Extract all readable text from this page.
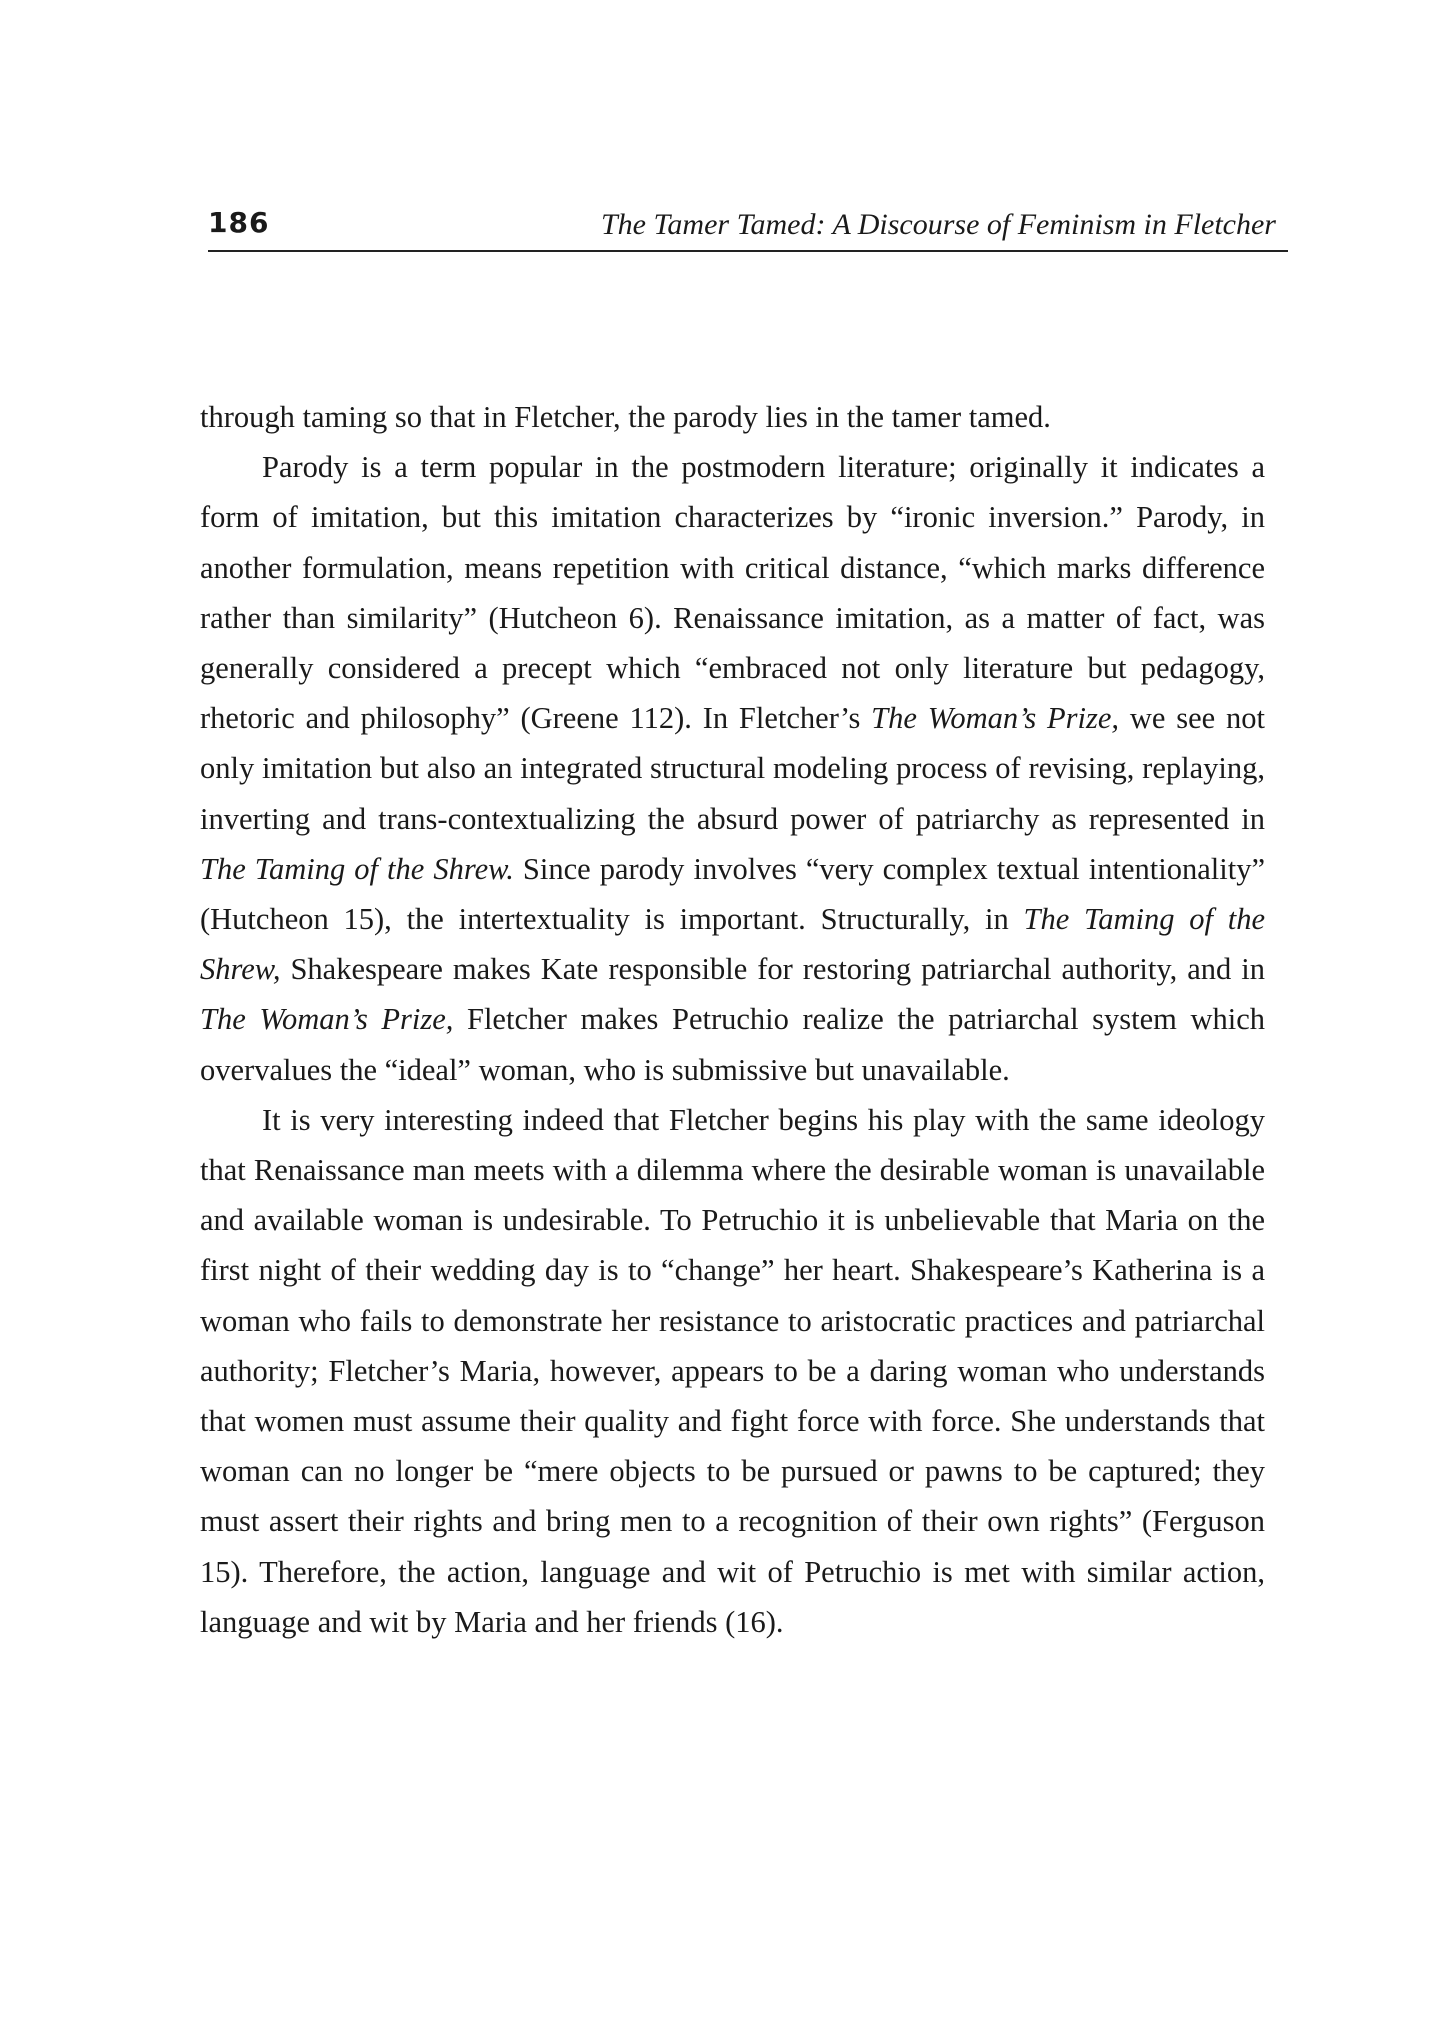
186	The Tamer Tamed: A Discourse of Feminism in Fletcher

through taming so that in Fletcher, the parody lies in the tamer tamed.

Parody is a term popular in the postmodern literature; originally it indicates a form of imitation, but this imitation characterizes by “ironic inversion.” Parody, in another formulation, means repetition with critical distance, “which marks difference rather than similarity” (Hutcheon 6). Renaissance imitation, as a matter of fact, was generally considered a precept which “embraced not only literature but pedagogy, rhetoric and philosophy” (Greene 112). In Fletcher’s The Woman’s Prize, we see not only imitation but also an integrated structural modeling process of revising, replaying, inverting and trans-contextualizing the absurd power of patriarchy as represented in The Taming of the Shrew. Since parody involves “very complex textual intentionality” (Hutcheon 15), the intertextuality is important. Structurally, in The Taming of the Shrew, Shakespeare makes Kate responsible for restoring patriarchal authority, and in The Woman’s Prize, Fletcher makes Petruchio realize the patriarchal system which overvalues the “ideal” woman, who is submissive but unavailable.

It is very interesting indeed that Fletcher begins his play with the same ideology that Renaissance man meets with a dilemma where the desirable woman is unavailable and available woman is undesirable. To Petruchio it is unbelievable that Maria on the first night of their wedding day is to “change” her heart. Shakespeare’s Katherina is a woman who fails to demonstrate her resistance to aristocratic practices and patriarchal authority; Fletcher’s Maria, however, appears to be a daring woman who understands that women must assume their quality and fight force with force. She understands that woman can no longer be “mere objects to be pursued or pawns to be captured; they must assert their rights and bring men to a recognition of their own rights” (Ferguson 15). Therefore, the action, language and wit of Petruchio is met with similar action, language and wit by Maria and her friends (16).
